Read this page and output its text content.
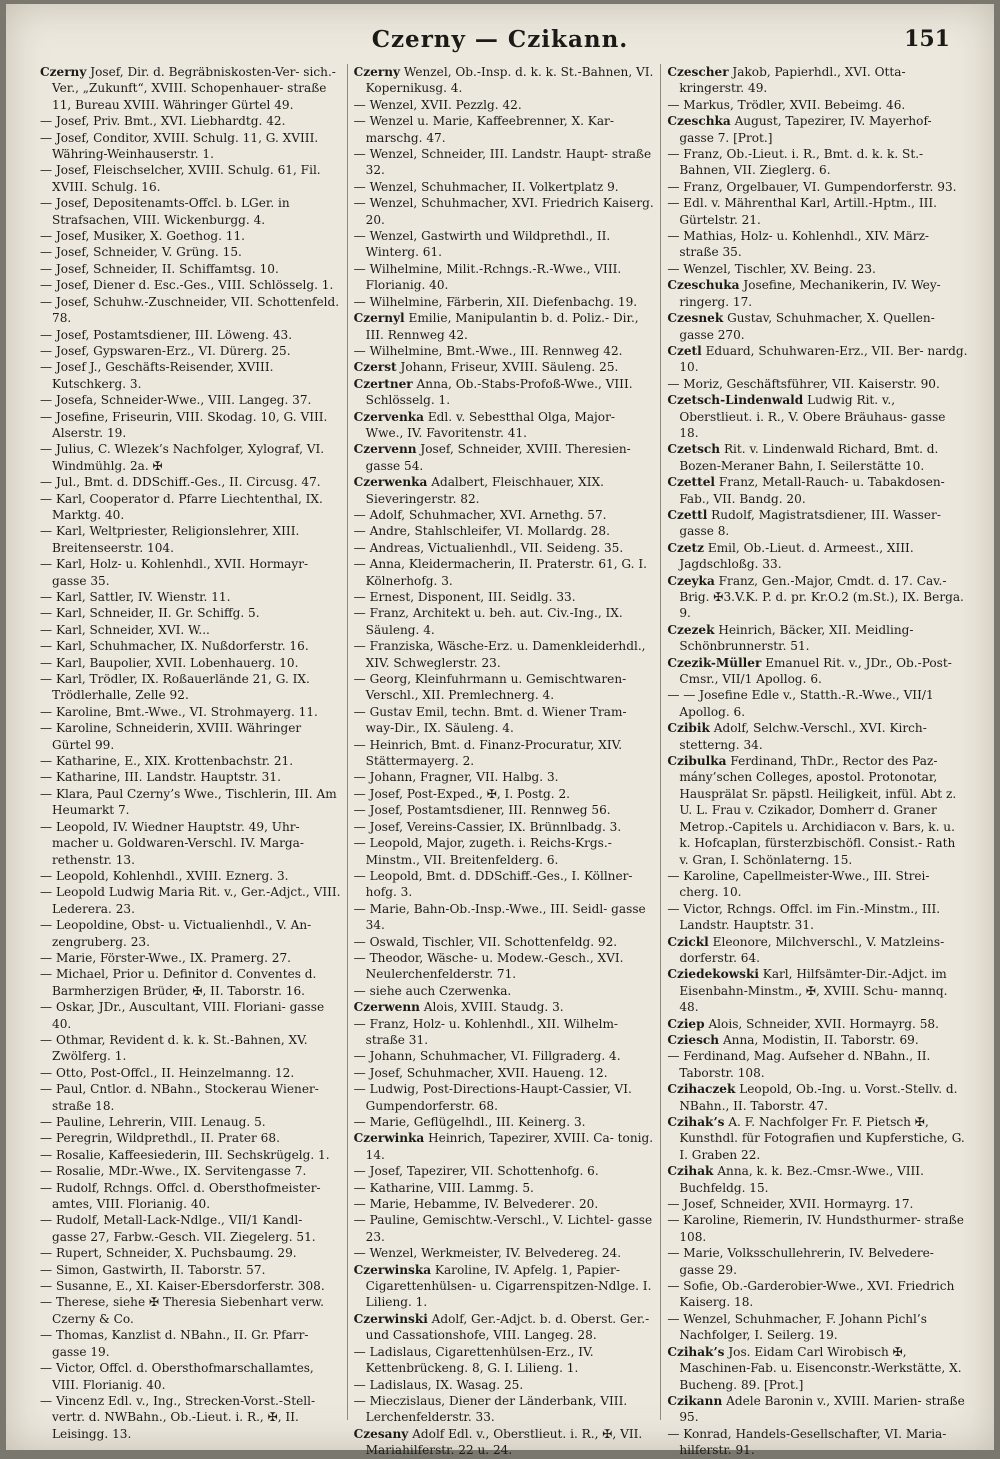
Czerny — Czikann.	151

Czerny Josef, Dir. d. Begräbniskosten-Ver- sich.-Ver., „Zukunft“, XVIII. Schopenhauer- straße 11, Bureau XVIII. Währinger Gürtel 49.

— Josef, Priv. Bmt., XVI. Liebhardtg. 42.

— Josef, Conditor, XVIII. Schulg. 11, G. XVIII. Währing-Weinhauserstr. 1.

— Josef, Fleischselcher, XVIII. Schulg. 61, Fil. XVIII. Schulg. 16.

— Josef, Depositenamts-Offcl. b. LGer. in Strafsachen, VIII. Wickenburgg. 4.

— Josef, Musiker, X. Goethog. 11.

— Josef, Schneider, V. Grüng. 15.

— Josef, Schneider, II. Schiffamtsg. 10.

— Josef, Diener d. Esc.-Ges., VIII. Schlösselg. 1.

— Josef, Schuhw.-Zuschneider, VII. Schottenfeld. 78.

— Josef, Postamtsdiener, III. Löweng. 43.

— Josef, Gypswaren-Erz., VI. Dürerg. 25.

— Josef J., Geschäfts-Reisender, XVIII. Kutschkerg. 3.

— Josefa, Schneider-Wwe., VIII. Langeg. 37.

— Josefine, Friseurin, VIII. Skodag. 10, G. VIII. Alserstr. 19.

— Julius, C. Wlezek’s Nachfolger, Xylograf, VI. Windmühlg. 2a. ✠

— Jul., Bmt. d. DDSchiff.-Ges., II. Circusg. 47.

— Karl, Cooperator d. Pfarre Liechtenthal, IX. Marktg. 40.

— Karl, Weltpriester, Religionslehrer, XIII. Breitenseerstr. 104.

— Karl, Holz- u. Kohlenhdl., XVII. Hormayr- gasse 35.

— Karl, Sattler, IV. Wienstr. 11.

— Karl, Schneider, II. Gr. Schiffg. 5.

— Karl, Schneider, XVI. W...

— Karl, Schuhmacher, IX. Nußdorferstr. 16.

— Karl, Baupolier, XVII. Lobenhauerg. 10.

— Karl, Trödler, IX. Roßauerlände 21, G. IX. Trödlerhalle, Zelle 92.

— Karoline, Bmt.-Wwe., VI. Strohmayerg. 11.

— Karoline, Schneiderin, XVIII. Währinger Gürtel 99.

— Katharine, E., XIX. Krottenbachstr. 21.

— Katharine, III. Landstr. Hauptstr. 31.

— Klara, Paul Czerny’s Wwe., Tischlerin, III. Am Heumarkt 7.

— Leopold, IV. Wiedner Hauptstr. 49, Uhr- macher u. Goldwaren-Verschl. IV. Marga- rethenstr. 13.

— Leopold, Kohlenhdl., XVIII. Eznerg. 3.

— Leopold Ludwig Maria Rit. v., Ger.-Adjct., VIII. Lederera. 23.

— Leopoldine, Obst- u. Victualienhdl., V. An- zengruberg. 23.

— Marie, Förster-Wwe., IX. Pramerg. 27.

— Michael, Prior u. Definitor d. Conventes d. Barmherzigen Brüder, ✠, II. Taborstr. 16.

— Oskar, JDr., Auscultant, VIII. Floriani- gasse 40.

— Othmar, Revident d. k. k. St.-Bahnen, XV. Zwölferg. 1.

— Otto, Post-Offcl., II. Heinzelmanng. 12.

— Paul, Cntlor. d. NBahn., Stockerau Wiener- straße 18.

— Pauline, Lehrerin, VIII. Lenaug. 5.

— Peregrin, Wildprethdl., II. Prater 68.

— Rosalie, Kaffeesiederin, III. Sechskrügelg. 1.

— Rosalie, MDr.-Wwe., IX. Servitengasse 7.

— Rudolf, Rchngs. Offcl. d. Obersthofmeister- amtes, VIII. Florianig. 40.

— Rudolf, Metall-Lack-Ndlge., VII/1 Kandl- gasse 27, Farbw.-Gesch. VII. Ziegelerg. 51.

— Rupert, Schneider, X. Puchsbaumg. 29.

— Simon, Gastwirth, II. Taborstr. 57.

— Susanne, E., XI. Kaiser-Ebersdorferstr. 308.

— Therese, siehe ✠ Theresia Siebenhart verw. Czerny & Co.

— Thomas, Kanzlist d. NBahn., II. Gr. Pfarr- gasse 19.

— Victor, Offcl. d. Obersthofmarschallamtes, VIII. Florianig. 40.

— Vincenz Edl. v., Ing., Strecken-Vorst.-Stell- vertr. d. NWBahn., Ob.-Lieut. i. R., ✠, II. Leisingg. 13.

Czerny Wenzel, Ob.-Insp. d. k. k. St.-Bahnen, VI. Kopernikusg. 4.

— Wenzel, XVII. Pezzlg. 42.

— Wenzel u. Marie, Kaffeebrenner, X. Kar- marschg. 47.

— Wenzel, Schneider, III. Landstr. Haupt- straße 32.

— Wenzel, Schuhmacher, II. Volkertplatz 9.

— Wenzel, Schuhmacher, XVI. Friedrich Kaiserg. 20.

— Wenzel, Gastwirth und Wildprethdl., II. Winterg. 61.

— Wilhelmine, Milit.-Rchngs.-R.-Wwe., VIII. Florianig. 40.

— Wilhelmine, Färberin, XII. Diefenbachg. 19.

Czernyl Emilie, Manipulantin b. d. Poliz.- Dir., III. Rennweg 42.

— Wilhelmine, Bmt.-Wwe., III. Rennweg 42.

Czerst Johann, Friseur, XVIII. Säuleng. 25.

Czertner Anna, Ob.-Stabs-Profoß-Wwe., VIII. Schlösselg. 1.

Czervenka Edl. v. Sebestthal Olga, Major- Wwe., IV. Favoritenstr. 41.

Czervenn Josef, Schneider, XVIII. Theresien- gasse 54.

Czerwenka Adalbert, Fleischhauer, XIX. Sieveringerstr. 82.

— Adolf, Schuhmacher, XVI. Arnethg. 57.

— Andre, Stahlschleifer, VI. Mollardg. 28.

— Andreas, Victualienhdl., VII. Seideng. 35.

— Anna, Kleidermacherin, II. Praterstr. 61, G. I. Kölnerhofg. 3.

— Ernest, Disponent, III. Seidlg. 33.

— Franz, Architekt u. beh. aut. Civ.-Ing., IX. Säuleng. 4.

— Franziska, Wäsche-Erz. u. Damenkleiderhdl., XIV. Schweglerstr. 23.

— Georg, Kleinfuhrmann u. Gemischtwaren- Verschl., XII. Premlechnerg. 4.

— Gustav Emil, techn. Bmt. d. Wiener Tram- way-Dir., IX. Säuleng. 4.

— Heinrich, Bmt. d. Finanz-Procuratur, XIV. Stättermayerg. 2.

— Johann, Fragner, VII. Halbg. 3.

— Josef, Post-Exped., ✠, I. Postg. 2.

— Josef, Postamtsdiener, III. Rennweg 56.

— Josef, Vereins-Cassier, IX. Brünnlbadg. 3.

— Leopold, Major, zugeth. i. Reichs-Krgs.- Minstm., VII. Breitenfelderg. 6.

— Leopold, Bmt. d. DDSchiff.-Ges., I. Köllner- hofg. 3.

— Marie, Bahn-Ob.-Insp.-Wwe., III. Seidl- gasse 34.

— Oswald, Tischler, VII. Schottenfeldg. 92.

— Theodor, Wäsche- u. Modew.-Gesch., XVI. Neulerchenfelderstr. 71.

— siehe auch Czerwenka.

Czerwenn Alois, XVIII. Staudg. 3.

— Franz, Holz- u. Kohlenhdl., XII. Wilhelm- straße 31.

— Johann, Schuhmacher, VI. Fillgraderg. 4.

— Josef, Schuhmacher, XVII. Haueng. 12.

— Ludwig, Post-Directions-Haupt-Cassier, VI. Gumpendorferstr. 68.

— Marie, Geflügelhdl., III. Keinerg. 3.

Czerwinka Heinrich, Tapezirer, XVIII. Ca- tonig. 14.

— Josef, Tapezirer, VII. Schottenhofg. 6.

— Katharine, VIII. Lammg. 5.

— Marie, Hebamme, IV. Belvederег. 20.

— Pauline, Gemischtw.-Verschl., V. Lichtel- gasse 23.

— Wenzel, Werkmeister, IV. Belvedereg. 24.

Czerwinska Karoline, IV. Apfelg. 1, Papier- Cigarettenhülsen- u. Cigarrenspitzen-Ndlge. I. Liliеng. 1.

Czerwinski Adolf, Ger.-Adjct. b. d. Oberst. Ger.- und Cassationshofe, VIII. Langeg. 28.

— Ladislaus, Cigarettenhülsen-Erz., IV. Kettenbrückeng. 8, G. I. Liliеng. 1.

— Ladislaus, IX. Wasag. 25.

— Mieczislaus, Diener der Länderbank, VIII. Lerchenfelderstr. 33.

Czesany Adolf Edl. v., Oberstlieut. i. R., ✠, VII. Mariahilferstr. 22 u. 24.

Czescher Jakob, Papierhdl., XVI. Otta- kringerstr. 49.

— Markus, Trödler, XVII. Bebeimg. 46.

Czeschka August, Tapezirer, IV. Mayerhof- gasse 7. [Prot.]

— Franz, Ob.-Lieut. i. R., Bmt. d. k. k. St.- Bahnen, VII. Zieglerg. 6.

— Franz, Orgelbauer, VI. Gumpendorferstr. 93.

— Edl. v. Mährenthal Karl, Artill.-Hptm., III. Gürtelstr. 21.

— Mathias, Holz- u. Kohlenhdl., XIV. März- straße 35.

— Wenzel, Tischler, XV. Being. 23.

Czeschuka Josefine, Mechanikerin, IV. Wey- ringerg. 17.

Czesnek Gustav, Schuhmacher, X. Quellen- gasse 270.

Czetl Eduard, Schuhwaren-Erz., VII. Ber- nardg. 10.

— Moriz, Geschäftsführer, VII. Kaiserstr. 90.

Czetsch-Lindenwald Ludwig Rit. v., Oberstlieut. i. R., V. Obere Bräuhaus- gasse 18.

Czetsch Rit. v. Lindenwald Richard, Bmt. d. Bozen-Meraner Bahn, I. Seilerstätte 10.

Czettel Franz, Metall-Rauch- u. Tabakdosen- Fab., VII. Bandg. 20.

Czettl Rudolf, Magistratsdiener, III. Wasser- gasse 8.

Czetz Emil, Ob.-Lieut. d. Armeest., XIII. Jagdschloßg. 33.

Czeyka Franz, Gen.-Major, Cmdt. d. 17. Cav.- Brig. ✠3.V.K. P. d. pr. Kr.O.2 (m.St.), IX. Berga. 9.

Czezek Heinrich, Bäcker, XII. Meidling- Schönbrunnerstr. 51.

Czezik-Müller Emanuel Rit. v., JDr., Ob.-Post-Cmsr., VII/1 Apollog. 6.

— — Josefine Edle v., Statth.-R.-Wwe., VII/1 Apollog. 6.

Czibik Adolf, Selchw.-Verschl., XVI. Kirch- stetterng. 34.

Czibulka Ferdinand, ThDr., Rector des Paz- mány’schen Colleges, apostol. Protonotar, Hausprälat Sr. päpstl. Heiligkeit, infül. Abt z. U. L. Frau v. Czikador, Domherr d. Graner Metrop.-Capitels u. Archidiacon v. Bars, k. u. k. Hofcaplan, fürsterzbischöfl. Consist.- Rath v. Gran, I. Schönlaterng. 15.

— Karoline, Capellmeister-Wwe., III. Strei- cherg. 10.

— Victor, Rchngs. Offcl. im Fin.-Minstm., III. Landstr. Hauptstr. 31.

Czickl Eleonore, Milchverschl., V. Matzleins- dorferstr. 64.

Cziedekowski Karl, Hilfsämter-Dir.-Adjct. im Eisenbahn-Minstm., ✠, XVIII. Schu- mannq. 48.

Cziep Alois, Schneider, XVII. Hormayrg. 58.

Cziesch Anna, Modistin, II. Taborstr. 69.

— Ferdinand, Mag. Aufseher d. NBahn., II. Taborstr. 108.

Czihaczek Leopold, Ob.-Ing. u. Vorst.-Stellv. d. NBahn., II. Taborstr. 47.

Czihak’s A. F. Nachfolger Fr. F. Pietsch ✠, Kunsthdl. für Fotografien und Kupferstiche, G. I. Graben 22.

Czihak Anna, k. k. Bez.-Cmsr.-Wwe., VIII. Buchfeldg. 15.

— Josef, Schneider, XVII. Hormayrg. 17.

— Karoline, Riemerin, IV. Hundsthurmer- straße 108.

— Marie, Volksschullehrerin, IV. Belvedere- gasse 29.

— Sofie, Ob.-Garderobier-Wwe., XVI. Friedrich Kaiserg. 18.

— Wenzel, Schuhmacher, F. Johann Pichl’s Nachfolger, I. Seilerg. 19.

Czihak’s Jos. Eidam Carl Wirobisch ✠, Maschinen-Fab. u. Eisenconstr.-Werkstätte, X. Bucheng. 89. [Prot.]

Czikann Adele Baronin v., XVIII. Marien- straße 95.

— Konrad, Handels-Gesellschafter, VI. Maria- hilferstr. 91.
